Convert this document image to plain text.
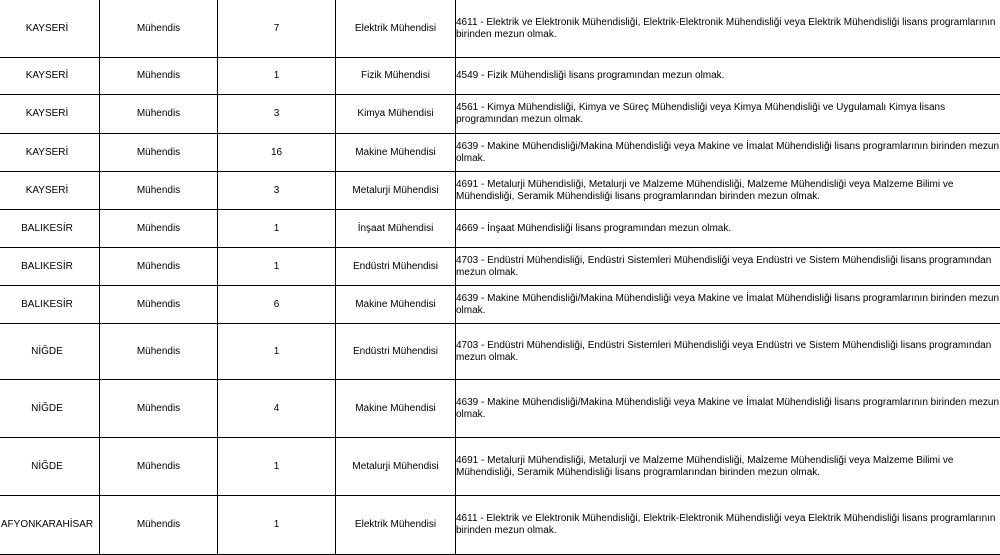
KAYSERİ	Mühendis	7	Elektrik Mühendisi	4611 - Elektrik ve Elektronik Mühendisliği, Elektrik-Elektronik Mühendisliği veya Elektrik Mühendisliği lisans programlarının birinden mezun olmak.
KAYSERİ	Mühendis	1	Fizik Mühendisi	4549 - Fizik Mühendisliği lisans programından mezun olmak.
KAYSERİ	Mühendis	3	Kimya Mühendisi	4561 - Kimya Mühendisliği, Kimya ve Süreç Mühendisliği veya Kimya Mühendisliği ve Uygulamalı Kimya lisans programından mezun olmak.
KAYSERİ	Mühendis	16	Makine Mühendisi	4639 - Makine Mühendisliği/Makina Mühendisliği veya Makine ve İmalat Mühendisliği lisans programlarının birinden mezun olmak.
KAYSERİ	Mühendis	3	Metalurji Mühendisi	4691 - Metalurji Mühendisliği, Metalurji ve Malzeme Mühendisliği, Malzeme Mühendisliği veya Malzeme Bilimi ve Mühendisliği, Seramik Mühendisliği lisans programlarından birinden mezun olmak.
BALIKESİR	Mühendis	1	İnşaat Mühendisi	4669 - İnşaat Mühendisliği lisans programından mezun olmak.
BALIKESİR	Mühendis	1	Endüstri Mühendisi	4703 - Endüstri Mühendisliği, Endüstri Sistemleri Mühendisliği veya Endüstri ve Sistem Mühendisliği lisans programından mezun olmak.
BALIKESİR	Mühendis	6	Makine Mühendisi	4639 - Makine Mühendisliği/Makina Mühendisliği veya Makine ve İmalat Mühendisliği lisans programlarının birinden mezun olmak.
NİĞDE	Mühendis	1	Endüstri Mühendisi	4703 - Endüstri Mühendisliği, Endüstri Sistemleri Mühendisliği veya Endüstri ve Sistem Mühendisliği lisans programından mezun olmak.
NİĞDE	Mühendis	4	Makine Mühendisi	4639 - Makine Mühendisliği/Makina Mühendisliği veya Makine ve İmalat Mühendisliği lisans programlarının birinden mezun olmak.
NİĞDE	Mühendis	1	Metalurji Mühendisi	4691 - Metalurji Mühendisliği, Metalurji ve Malzeme Mühendisliği, Malzeme Mühendisliği veya Malzeme Bilimi ve Mühendisliği, Seramik Mühendisliği lisans programlarından birinden mezun olmak.
AFYONKARAHİSAR	Mühendis	1	Elektrik Mühendisi	4611 - Elektrik ve Elektronik Mühendisliği, Elektrik-Elektronik Mühendisliği veya Elektrik Mühendisliği lisans programlarının birinden mezun olmak.
